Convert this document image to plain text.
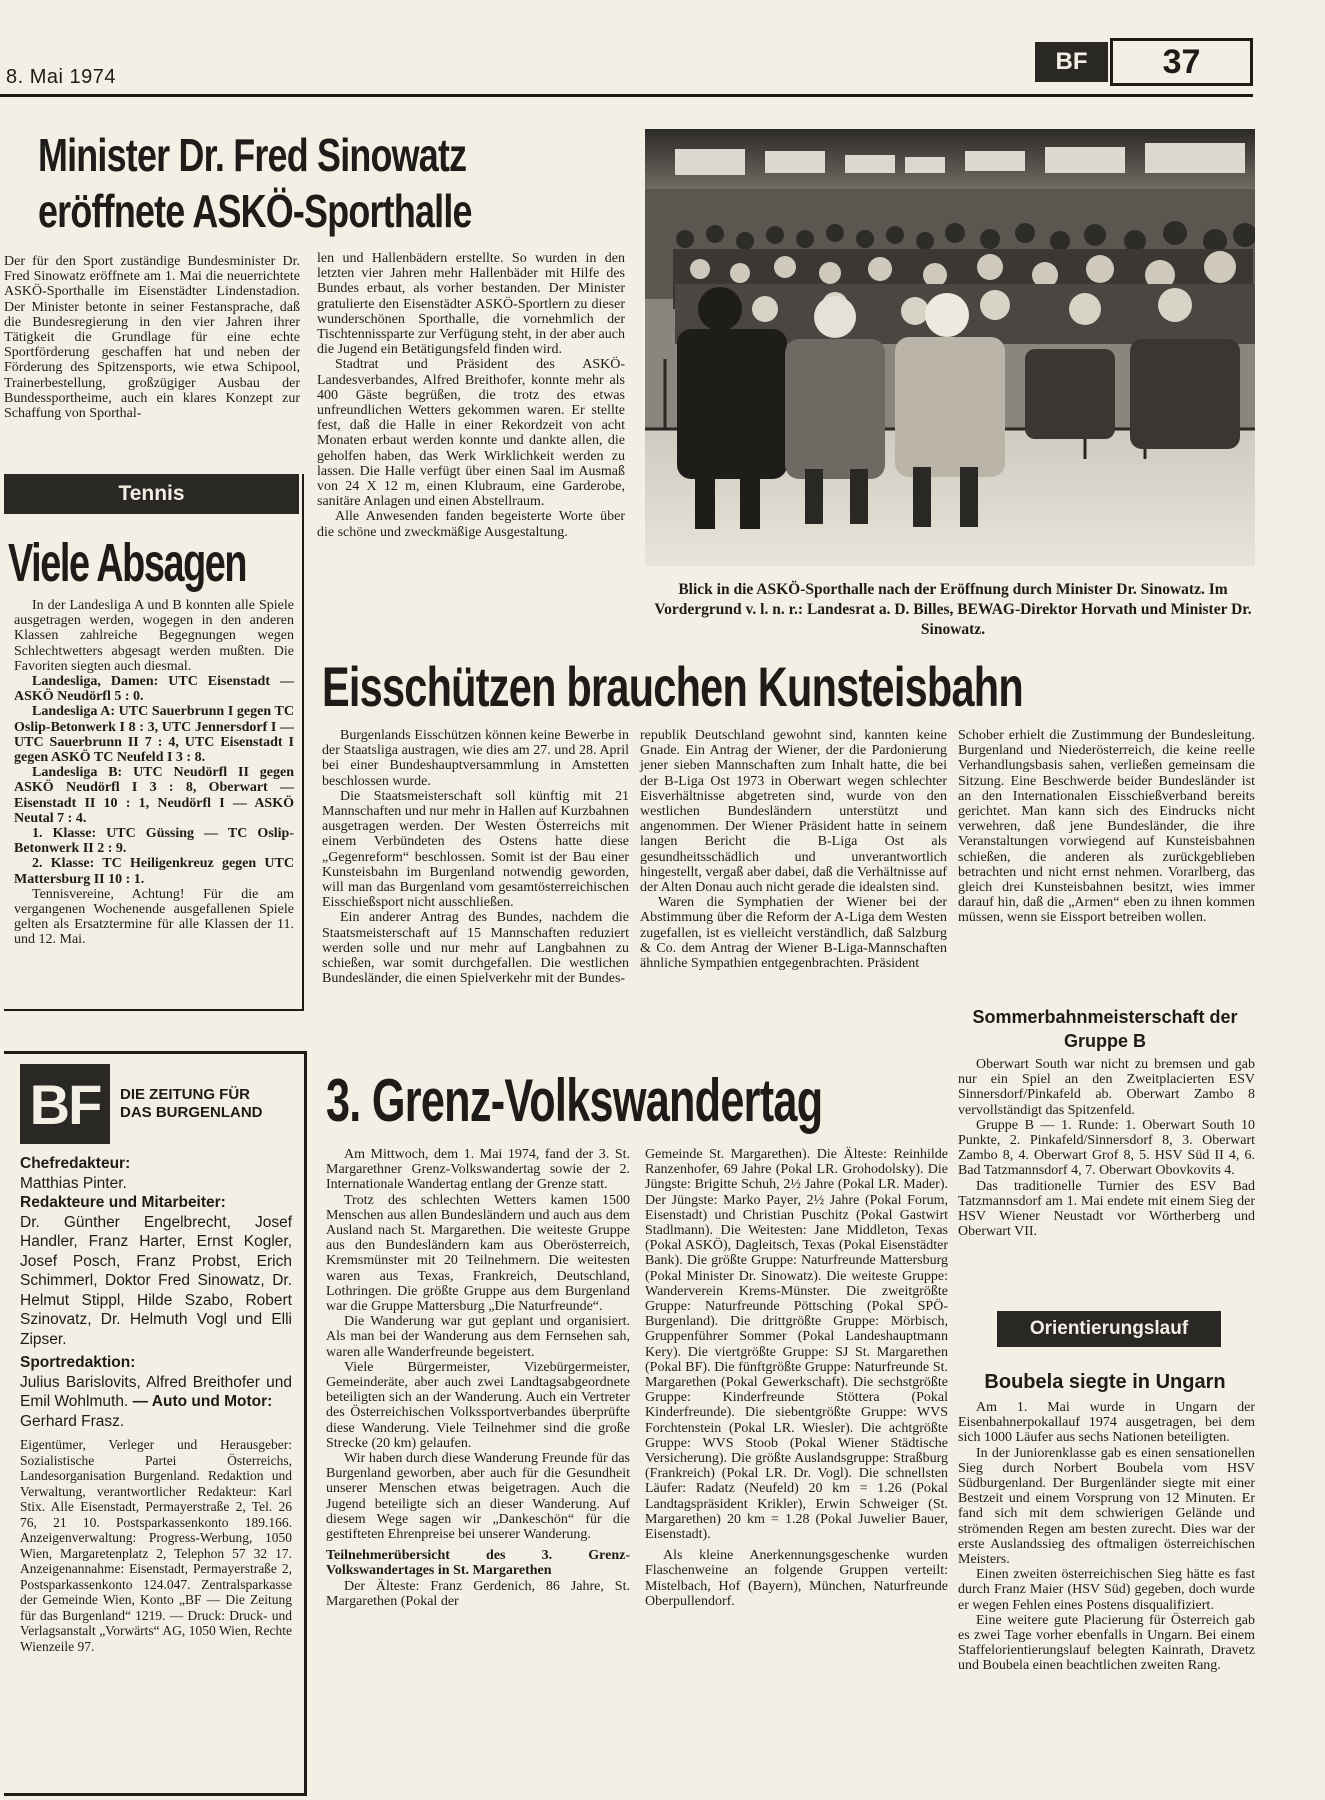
8. Mai 1974
BF	37
Minister Dr. Fred Sinowatz
eröffnete ASKÖ-Sporthalle

Der für den Sport zuständige Bundesminister Dr. Fred Sinowatz eröffnete am 1. Mai die neuerrichtete ASKÖ-Sporthalle im Eisenstädter Lindenstadion. Der Minister betonte in seiner Festansprache, daß die Bundesregierung in den vier Jahren ihrer Tätigkeit die Grundlage für eine echte Sportförderung geschaffen hat und neben der Förderung des Spitzensports, wie etwa Schipool, Trainerbestellung, großzügiger Ausbau der Bundessportheime, auch ein klares Konzept zur Schaffung von Sporthal-

len und Hallenbädern erstellte. So wurden in den letzten vier Jahren mehr Hallenbäder mit Hilfe des Bundes erbaut, als vorher bestanden. Der Minister gratulierte den Eisenstädter ASKÖ-Sportlern zu dieser wunderschönen Sporthalle, die vornehmlich der Tischtennissparte zur Verfügung steht, in der aber auch die Jugend ein Betätigungsfeld finden wird.

Stadtrat und Präsident des ASKÖ-Landesverbandes, Alfred Breithofer, konnte mehr als 400 Gäste begrüßen, die trotz des etwas unfreundlichen Wetters gekommen waren. Er stellte fest, daß die Halle in einer Rekordzeit von acht Monaten erbaut werden konnte und dankte allen, die geholfen haben, das Werk Wirklichkeit werden zu lassen. Die Halle verfügt über einen Saal im Ausmaß von 24 X 12 m, einen Klubraum, eine Garderobe, sanitäre Anlagen und einen Abstellraum.

Alle Anwesenden fanden begeisterte Worte über die schöne und zweckmäßige Ausgestaltung.

Blick in die ASKÖ-Sporthalle nach der Eröffnung durch Minister Dr. Sinowatz. Im Vordergrund v. l. n. r.: Landesrat a. D. Billes, BEWAG-Direktor Horvath und Minister Dr. Sinowatz.
Tennis
Viele Absagen

In der Landesliga A und B konnten alle Spiele ausgetragen werden, wogegen in den anderen Klassen zahlreiche Begegnungen wegen Schlechtwetters abgesagt werden mußten. Die Favoriten siegten auch diesmal.

Landesliga, Damen: UTC Eisenstadt — ASKÖ Neudörfl 5 : 0.

Landesliga A: UTC Sauerbrunn I gegen TC Oslip-Betonwerk I 8 : 3, UTC Jennersdorf I — UTC Sauerbrunn II 7 : 4, UTC Eisenstadt I gegen ASKÖ TC Neufeld I 3 : 8.

Landesliga B: UTC Neudörfl II gegen ASKÖ Neudörfl I 3 : 8, Oberwart — Eisenstadt II 10 : 1, Neudörfl I — ASKÖ Neutal 7 : 4.

1. Klasse: UTC Güssing — TC Oslip-Betonwerk II 2 : 9.

2. Klasse: TC Heiligenkreuz gegen UTC Mattersburg II 10 : 1.

Tennisvereine, Achtung! Für die am vergangenen Wochenende ausgefallenen Spiele gelten als Ersatztermine für alle Klassen der 11. und 12. Mai.

Eisschützen brauchen Kunsteisbahn

Burgenlands Eisschützen können keine Bewerbe in der Staatsliga austragen, wie dies am 27. und 28. April bei einer Bundeshauptversammlung in Amstetten beschlossen wurde.

Die Staatsmeisterschaft soll künftig mit 21 Mannschaften und nur mehr in Hallen auf Kurzbahnen ausgetragen werden. Der Westen Österreichs mit einem Verbündeten des Ostens hatte diese „Gegenreform“ beschlossen. Somit ist der Bau einer Kunsteisbahn im Burgenland notwendig geworden, will man das Burgenland vom gesamtösterreichischen Eisschießsport nicht ausschließen.

Ein anderer Antrag des Bundes, nachdem die Staatsmeisterschaft auf 15 Mannschaften reduziert werden solle und nur mehr auf Langbahnen zu schießen, war somit durchgefallen. Die westlichen Bundesländer, die einen Spielverkehr mit der Bundes-

republik Deutschland gewohnt sind, kannten keine Gnade. Ein Antrag der Wiener, der die Pardonierung jener sieben Mannschaften zum Inhalt hatte, die bei der B-Liga Ost 1973 in Oberwart wegen schlechter Eisverhältnisse abgetreten sind, wurde von den westlichen Bundesländern unterstützt und angenommen. Der Wiener Präsident hatte in seinem langen Bericht die B-Liga Ost als gesundheitsschädlich und unverantwortlich hingestellt, vergaß aber dabei, daß die Verhältnisse auf der Alten Donau auch nicht gerade die idealsten sind.

Waren die Symphatien der Wiener bei der Abstimmung über die Reform der A-Liga dem Westen zugefallen, ist es vielleicht verständlich, daß Salzburg & Co. dem Antrag der Wiener B-Liga-Mannschaften ähnliche Sympathien entgegenbrachten. Präsident

Schober erhielt die Zustimmung der Bundesleitung. Burgenland und Niederösterreich, die keine reelle Verhandlungsbasis sahen, verließen gemeinsam die Sitzung. Eine Beschwerde beider Bundesländer ist an den Internationalen Eisschießverband bereits gerichtet. Man kann sich des Eindrucks nicht verwehren, daß jene Bundesländer, die ihre Veranstaltungen vorwiegend auf Kunsteisbahnen schießen, die anderen als zurückgeblieben betrachten und nicht ernst nehmen. Vorarlberg, das gleich drei Kunsteisbahnen besitzt, wies immer darauf hin, daß die „Armen“ eben zu ihnen kommen müssen, wenn sie Eissport betreiben wollen.

Sommerbahnmeisterschaft der Gruppe B

Oberwart South war nicht zu bremsen und gab nur ein Spiel an den Zweitplacierten ESV Sinnersdorf/Pinkafeld ab. Oberwart Zambo 8 vervollständigt das Spitzenfeld.

Gruppe B — 1. Runde: 1. Oberwart South 10 Punkte, 2. Pinkafeld/Sinnersdorf 8, 3. Oberwart Zambo 8, 4. Oberwart Grof 8, 5. HSV Süd II 4, 6. Bad Tatzmannsdorf 4, 7. Oberwart Obovkovits 4.

Das traditionelle Turnier des ESV Bad Tatzmannsdorf am 1. Mai endete mit einem Sieg der HSV Wiener Neustadt vor Wörtherberg und Oberwart VII.

3. Grenz-Volkswandertag

Am Mittwoch, dem 1. Mai 1974, fand der 3. St. Margarethner Grenz-Volkswandertag sowie der 2. Internationale Wandertag entlang der Grenze statt.

Trotz des schlechten Wetters kamen 1500 Menschen aus allen Bundesländern und auch aus dem Ausland nach St. Margarethen. Die weiteste Gruppe aus den Bundesländern kam aus Oberösterreich, Kremsmünster mit 20 Teilnehmern. Die weitesten waren aus Texas, Frankreich, Deutschland, Lothringen. Die größte Gruppe aus dem Burgenland war die Gruppe Mattersburg „Die Naturfreunde“.

Die Wanderung war gut geplant und organisiert. Als man bei der Wanderung aus dem Fernsehen sah, waren alle Wanderfreunde begeistert.

Viele Bürgermeister, Vizebürgermeister, Gemeinderäte, aber auch zwei Landtagsabgeordnete beteiligten sich an der Wanderung. Auch ein Vertreter des Österreichischen Volkssportverbandes überprüfte diese Wanderung. Viele Teilnehmer sind die große Strecke (20 km) gelaufen.

Wir haben durch diese Wanderung Freunde für das Burgenland geworben, aber auch für die Gesundheit unserer Menschen etwas beigetragen. Auch die Jugend beteiligte sich an dieser Wanderung. Auf diesem Wege sagen wir „Dankeschön“ für die gestifteten Ehrenpreise bei unserer Wanderung.

Teilnehmerübersicht des 3. Grenz-Volkswandertages in St. Margarethen

Der Älteste: Franz Gerdenich, 86 Jahre, St. Margarethen (Pokal der

Gemeinde St. Margarethen). Die Älteste: Reinhilde Ranzenhofer, 69 Jahre (Pokal LR. Grohodolsky). Die Jüngste: Brigitte Schuh, 2½ Jahre (Pokal LR. Mader). Der Jüngste: Marko Payer, 2½ Jahre (Pokal Forum, Eisenstadt) und Christian Puschitz (Pokal Gastwirt Stadlmann). Die Weitesten: Jane Middleton, Texas (Pokal ASKÖ), Dagleitsch, Texas (Pokal Eisenstädter Bank). Die größte Gruppe: Naturfreunde Mattersburg (Pokal Minister Dr. Sinowatz). Die weiteste Gruppe: Wanderverein Krems-Münster. Die zweitgrößte Gruppe: Naturfreunde Pöttsching (Pokal SPÖ-Burgenland). Die drittgrößte Gruppe: Mörbisch, Gruppenführer Sommer (Pokal Landeshauptmann Kery). Die viertgrößte Gruppe: SJ St. Margarethen (Pokal BF). Die fünftgrößte Gruppe: Naturfreunde St. Margarethen (Pokal Gewerkschaft). Die sechstgrößte Gruppe: Kinderfreunde Stöttera (Pokal Kinderfreunde). Die siebentgrößte Gruppe: WVS Forchtenstein (Pokal LR. Wiesler). Die achtgrößte Gruppe: WVS Stoob (Pokal Wiener Städtische Versicherung). Die größte Auslandsgruppe: Straßburg (Frankreich) (Pokal LR. Dr. Vogl). Die schnellsten Läufer: Radatz (Neufeld) 20 km = 1.26 (Pokal Landtagspräsident Krikler), Erwin Schweiger (St. Margarethen) 20 km = 1.28 (Pokal Juwelier Bauer, Eisenstadt).

Als kleine Anerkennungsgeschenke wurden Flaschenweine an folgende Gruppen verteilt: Mistelbach, Hof (Bayern), München, Naturfreunde Oberpullendorf.

Orientierungslauf
Boubela siegte in Ungarn

Am 1. Mai wurde in Ungarn der Eisenbahnerpokallauf 1974 ausgetragen, bei dem sich 1000 Läufer aus sechs Nationen beteiligten.

In der Juniorenklasse gab es einen sensationellen Sieg durch Norbert Boubela vom HSV Südburgenland. Der Burgenländer siegte mit einer Bestzeit und einem Vorsprung von 12 Minuten. Er fand sich mit dem schwierigen Gelände und strömenden Regen am besten zurecht. Dies war der erste Auslandssieg des oftmaligen österreichischen Meisters.

Einen zweiten österreichischen Sieg hätte es fast durch Franz Maier (HSV Süd) gegeben, doch wurde er wegen Fehlen eines Postens disqualifiziert.

Eine weitere gute Placierung für Österreich gab es zwei Tage vorher ebenfalls in Ungarn. Bei einem Staffelorientierungslauf belegten Kainrath, Dravetz und Boubela einen beachtlichen zweiten Rang.

BF	DIE ZEITUNG FÜR
DAS BURGENLAND
Chefredakteur:
Matthias Pinter.
Redakteure und Mitarbeiter:
Dr. Günther Engelbrecht, Josef Handler, Franz Harter, Ernst Kogler, Josef Posch, Franz Probst, Erich Schimmerl, Doktor Fred Sinowatz, Dr. Helmut Stippl, Hilde Szabo, Robert Szinovatz, Dr. Helmuth Vogl und Elli Zipser.
Sportredaktion:
Julius Barislovits, Alfred Breithofer und Emil Wohlmuth. — Auto und Motor:
Gerhard Frasz.
Eigentümer, Verleger und Herausgeber: Sozialistische Partei Österreichs, Landesorganisation Burgenland. Redaktion und Verwaltung, verantwortlicher Redakteur: Karl Stix. Alle Eisenstadt, Permayerstraße 2, Tel. 26 76, 21 10. Postsparkassenkonto 189.166. Anzeigenverwaltung: Progress-Werbung, 1050 Wien, Margaretenplatz 2, Telephon 57 32 17. Anzeigenannahme: Eisenstadt, Permayerstraße 2, Postsparkassenkonto 124.047. Zentralsparkasse der Gemeinde Wien, Konto „BF — Die Zeitung für das Burgenland“ 1219. — Druck: Druck- und Verlagsanstalt „Vorwärts“ AG, 1050 Wien, Rechte Wienzeile 97.
